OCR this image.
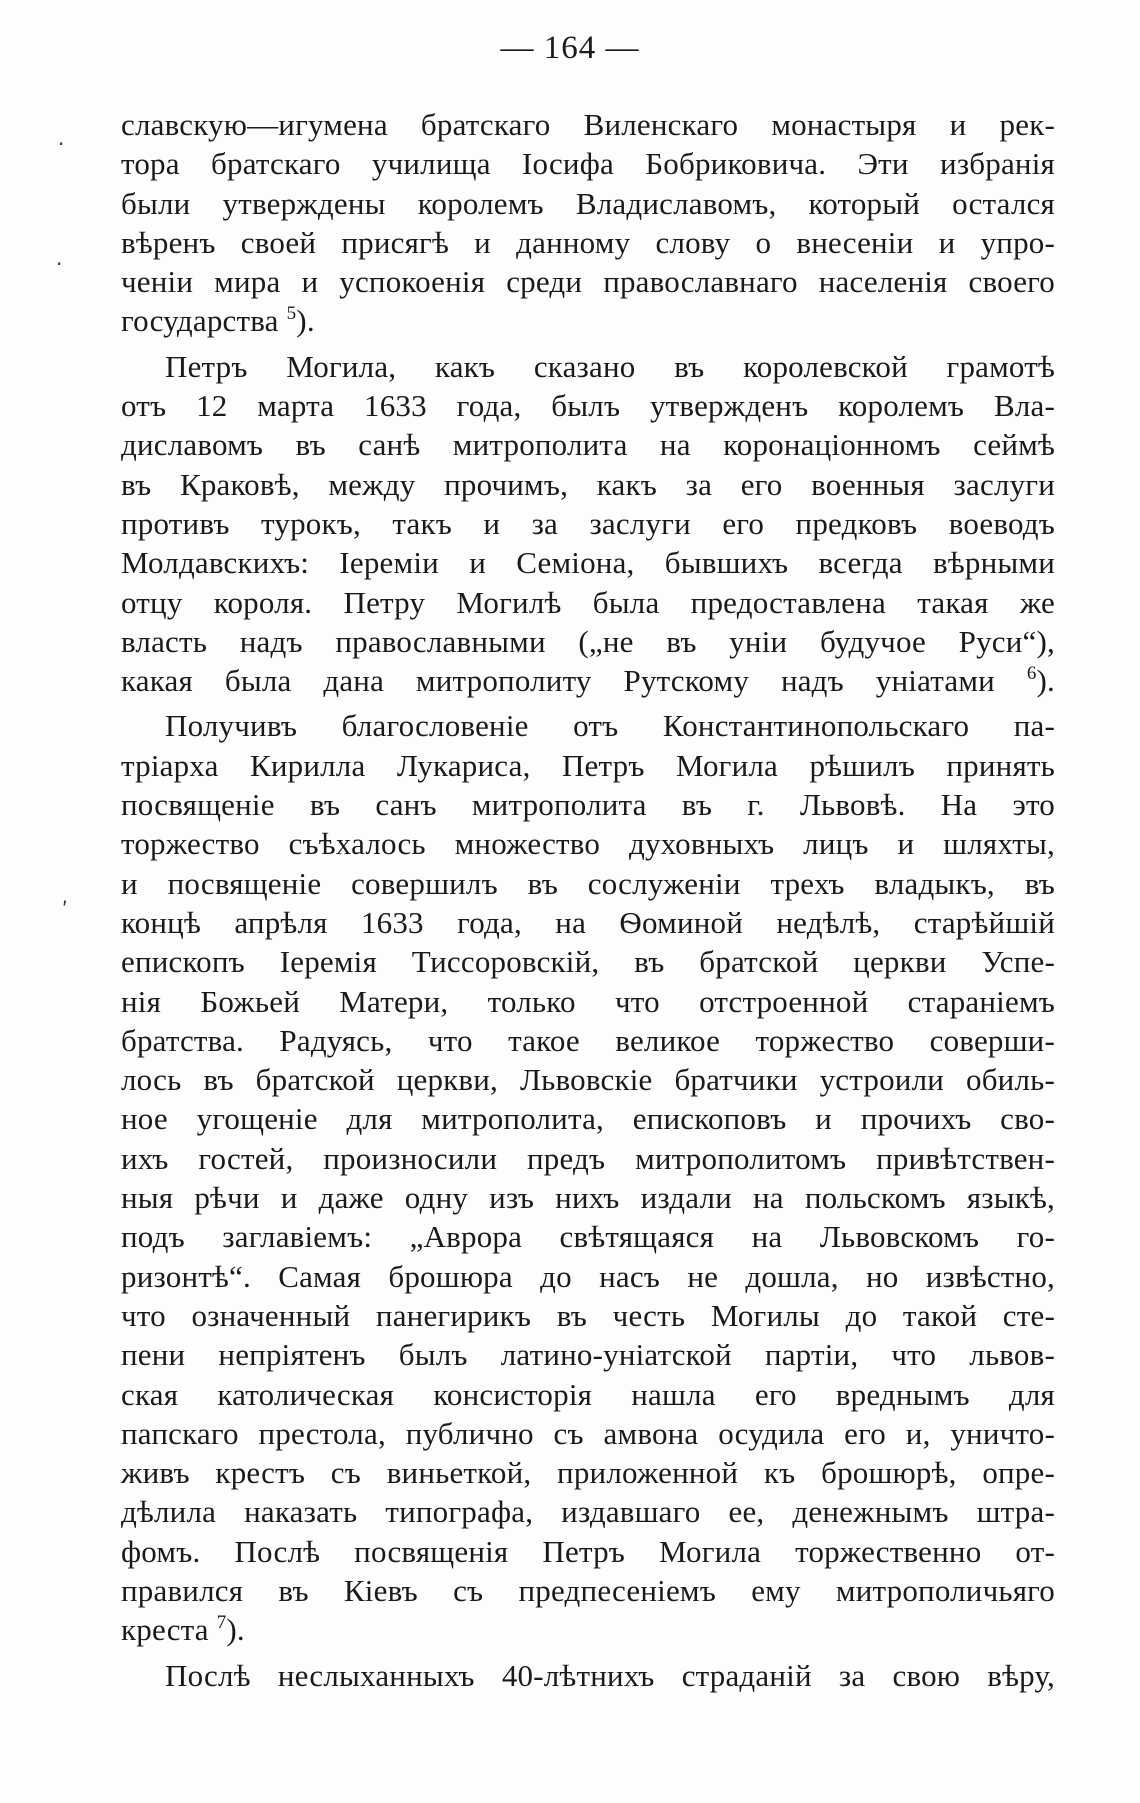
— 164 —
·
·
ʹ
славскую—игумена братскаго Виленскаго монастыря и рек-
тора братскаго училища Іосифа Бобриковича. Эти избранія
были утверждены королемъ Владиславомъ, который остался
вѣренъ своей присягѣ и данному слову о внесеніи и упро-
ченіи мира и успокоенія среди православнаго населенія своего
государства $^5$).
Петръ Могила, какъ сказано въ королевской грамотѣ
отъ 12 марта 1633 года, былъ утвержденъ королемъ Вла-
диславомъ въ санѣ митрополита на коронаціонномъ сеймѣ
въ Краковѣ, между прочимъ, какъ за его военныя заслуги
противъ турокъ, такъ и за заслуги его предковъ воеводъ
Молдавскихъ: Іереміи и Семіона, бывшихъ всегда вѣрными
отцу короля. Петру Могилѣ была предоставлена такая же
власть надъ православными („не въ уніи будучое Руси“),
какая была дана митрополиту Рутскому надъ уніатами $^6$).
Получивъ благословеніе отъ Константинопольскаго па-
тріарха Кирилла Лукариса, Петръ Могила рѣшилъ принять
посвященіе въ санъ митрополита въ г. Львовѣ. На это
торжество съѣхалось множество духовныхъ лицъ и шляхты,
и посвященіе совершилъ въ сослуженіи трехъ владыкъ, въ
концѣ апрѣля 1633 года, на Ѳоминой недѣлѣ, старѣйшій
епископъ Іеремія Тиссоровскій, въ братской церкви Успе-
нія Божьей Матери, только что отстроенной стараніемъ
братства. Радуясь, что такое великое торжество соверши-
лось въ братской церкви, Львовскіе братчики устроили обиль-
ное угощеніе для митрополита, епископовъ и прочихъ сво-
ихъ гостей, произносили предъ митрополитомъ привѣтствен-
ныя рѣчи и даже одну изъ нихъ издали на польскомъ языкѣ,
подъ заглавіемъ: „Аврора свѣтящаяся на Львовскомъ го-
ризонтѣ“. Самая брошюра до насъ не дошла, но извѣстно,
что означенный панегирикъ въ честь Могилы до такой сте-
пени непріятенъ былъ латино-уніатской партіи, что львов-
ская католическая консисторія нашла его вреднымъ для
папскаго престола, публично съ амвона осудила его и, уничто-
живъ крестъ съ виньеткой, приложенной къ брошюрѣ, опре-
дѣлила наказать типографа, издавшаго ее, денежнымъ штра-
фомъ. Послѣ посвященія Петръ Могила торжественно от-
правился въ Кіевъ съ предпесеніемъ ему митрополичьяго
креста $^7$).
Послѣ неслыханныхъ 40-лѣтнихъ страданій за свою вѣру,
